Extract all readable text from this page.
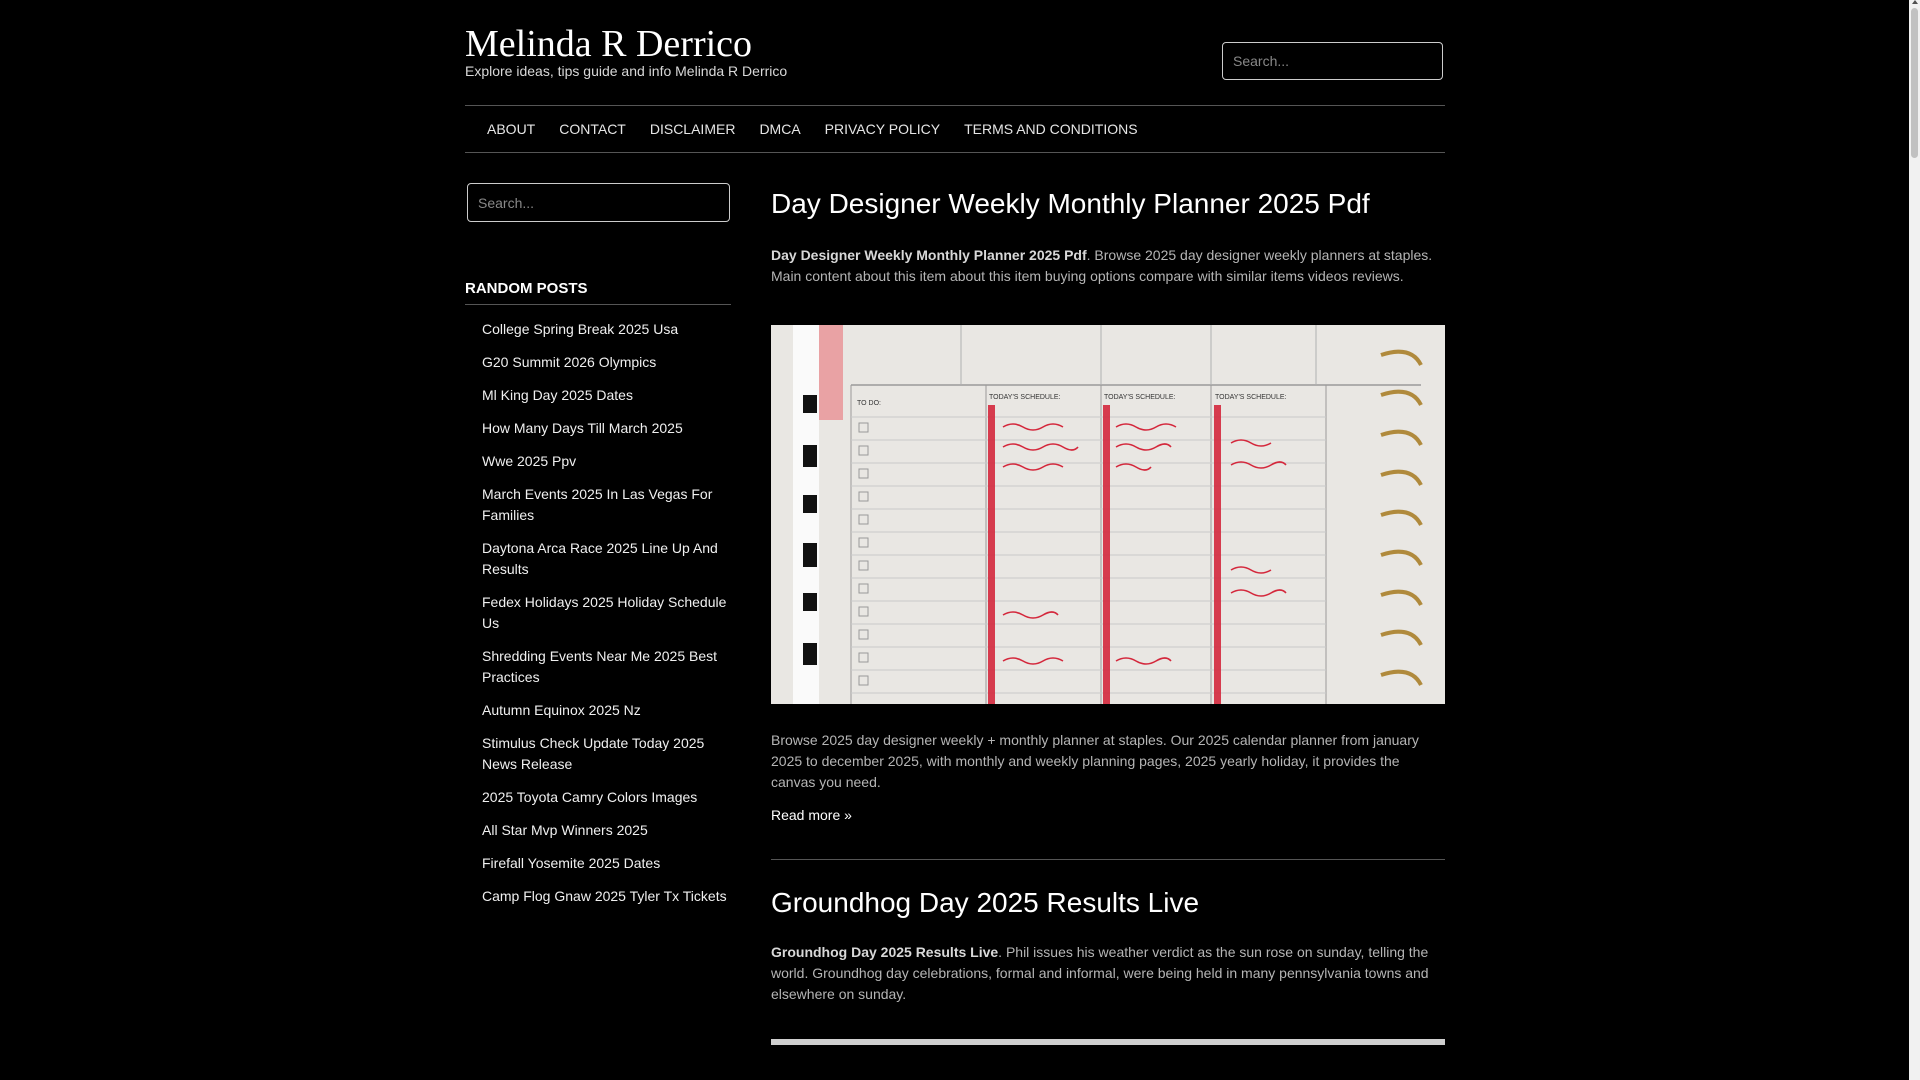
Melinda R Derrico
Explore ideas, tips guide and info Melinda R Derrico
Search...
ABOUT	CONTACT	DISCLAIMER	DMCA	PRIVACY POLICY	TERMS AND CONDITIONS
Search...
RANDOM POSTS
College Spring Break 2025 Usa
G20 Summit 2026 Olympics
Ml King Day 2025 Dates
How Many Days Till March 2025
Wwe 2025 Ppv
March Events 2025 In Las Vegas For Families
Daytona Arca Race 2025 Line Up And Results
Fedex Holidays 2025 Holiday Schedule Us
Shredding Events Near Me 2025 Best Practices
Autumn Equinox 2025 Nz
Stimulus Check Update Today 2025 News Release
2025 Toyota Camry Colors Images
All Star Mvp Winners 2025
Firefall Yosemite 2025 Dates
Camp Flog Gnaw 2025 Tyler Tx Tickets
Day Designer Weekly Monthly Planner 2025 Pdf

Day Designer Weekly Monthly Planner 2025 Pdf. Browse 2025 day designer weekly planners at staples. Main content about this item about this item buying options compare with similar items videos reviews.

TO DO:
TODAY'S SCHEDULE:	TODAY'S SCHEDULE:	TODAY'S SCHEDULE:

Browse 2025 day designer weekly + monthly planner at staples. Our 2025 calendar planner from january 2025 to december 2025, with monthly and weekly planning pages, 2025 yearly holiday, it provides the canvas you need.

Read more »
Groundhog Day 2025 Results Live

Groundhog Day 2025 Results Live. Phil issues his weather verdict as the sun rose on sunday, telling the world. Groundhog day celebrations, formal and informal, were being held in many pennsylvania towns and elsewhere on sunday.
